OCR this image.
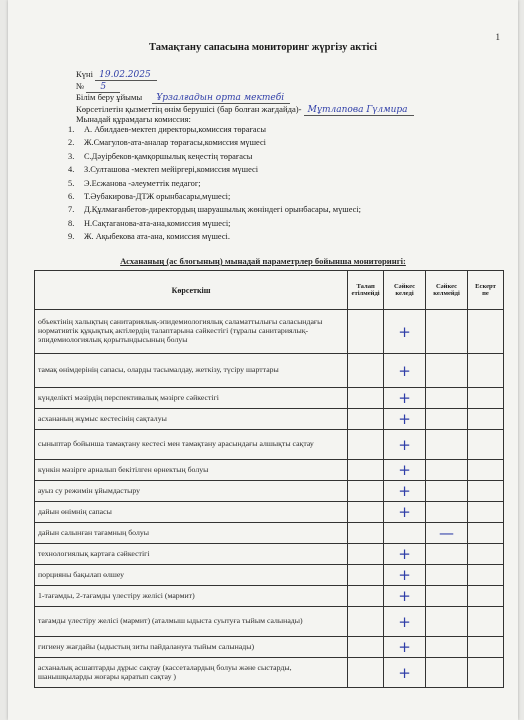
1
Тамақтану сапасына мониторинг жүргізу актісі
Күні 19.02.2025
№ 5
Білім беру ұйымы Ұрзалғадын орта мектебі
Көрсетілетін қызметтің өнім берушісі (бар болған жағдайда)- Мұтлапова Гүлмира
Мынадай құрамдағы комиссия:
1. А. Абилдаев-мектеп директоры,комиссия төрағасы
2. Ж.Смагулов-ата-аналар төрағасы,комиссия мүшесі
3. С.Дәуірбеков-қамқоршылық кеңестің төрағасы
4. З.Султашова -мектеп мейіргері,комиссия мүшесі
5. Э.Есжанова -әлеуметтік педагог;
6. Т.Әубакирова-ДТЖ орынбасары,мүшесі;
7. Д.Құлмағанбетов-директордың шаруашылық жөніндегі орынбасары, мүшесі;
8. Н.Сақтаганова-ата-ана,комиссия мүшесі;
9. Ж. Ақыбекова ата-ана, комиссия мүшесі.
Асхананың (ас блогының) мынадай параметрлер бойынша мониторингі:
Көрсеткіш	Талап етілмейді	Сәйкес келеді	Сәйкес келмейді	Ескерт пе
объектінің халықтың санитариялық-эпидемиологиялық саламаттылығы саласындағы нормативтік құқықтық актілердің талаптарына сәйкестігі (тұралы санитариялық-эпидемиологиялық қорытындысының болуы		+		
тамақ өнімдерінің сапасы, оларды тасымалдау, жеткізу, түсіру шарттары		+		
күнделікті мәзірдің перспективалық мәзірге сәйкестігі		+		
асхананың жұмыс кестесінің сақталуы		+		
сыныптар бойынша тамақтану кестесі мен тамақтану арасындағы алшықты сақтау		+		
күнкін мәзірге арналып бекітілген өрнектың болуы		+		
ауыз су режимін ұйымдастыру		+		
дайын өнімнің сапасы		+		
дайын салынған тағамның болуы			—	
технологиялық картаға сәйкестігі		+		
порцияны бақылап өлшеу		+		
1-тағамды, 2-тағамды үлестіру желісі (мармит)		+		
тағамды үлестіру желісі (мармит) (аталмыш ыдыста суытуға тыйым салынады)		+		
гигиену жағдайы (ыдыстың зиты пайдалануға тыйым салынады)		+		
асханалық асшаптарды дұрыс сақтау (кассеталардың болуы және сыстарды, шанышқыларды жоғары қаратып сақтау )		+		
